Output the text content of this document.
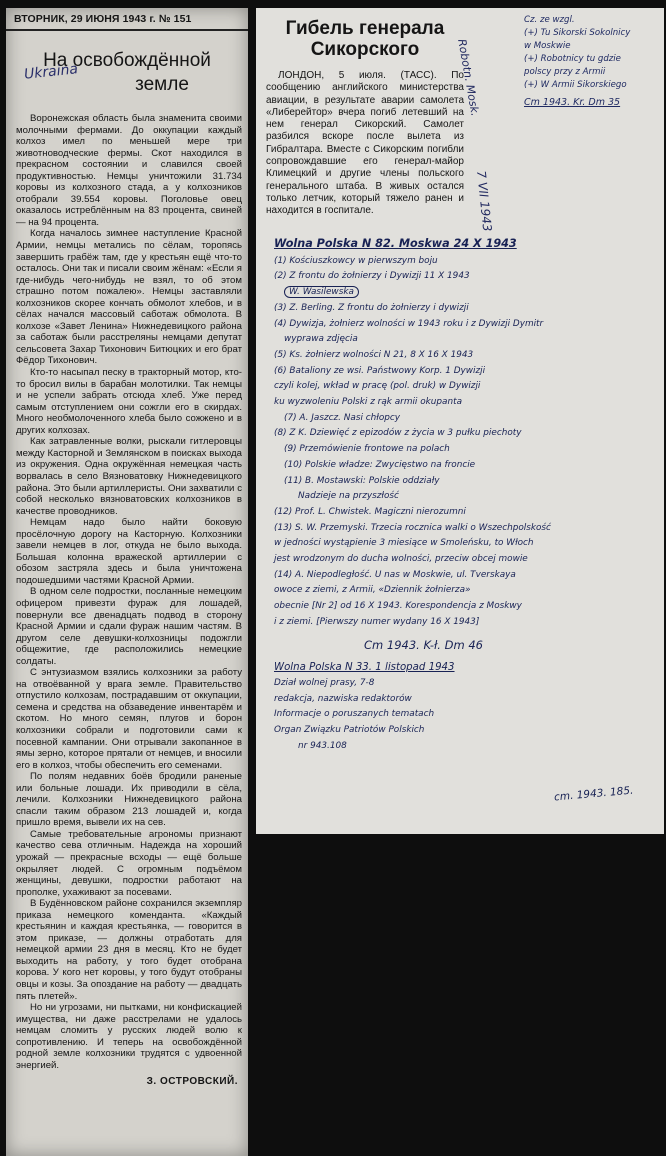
ВТОРНИК, 29 ИЮНЯ 1943 г. № 151
На освобождённой
земле
Ukraina

Воронежская область была знаменита своими молочными фермами. До оккупации каждый колхоз имел по меньшей мере три животноводческие фермы. Скот находился в прекрасном состоянии и славился своей продуктивностью. Немцы уничтожили 31.734 коровы из колхозного стада, а у колхозников отобрали 39.554 коровы. Поголовье овец оказалось истреблённым на 83 процента, свиней — на 94 процента.

Когда началось зимнее наступление Красной Армии, немцы метались по сёлам, торопясь завершить грабёж там, где у крестьян ещё что-то осталось. Они так и писали своим жёнам: «Если я где-нибудь чего-нибудь не взял, то об этом страшно потом пожалею». Немцы заставляли колхозников скорее кончать обмолот хлебов, и в сёлах начался массовый саботаж обмолота. В колхозе «Завет Ленина» Нижнедевицкого района за саботаж были расстреляны немцами депутат сельсовета Захар Тихонович Битюцких и его брат Фёдор Тихонович.

Кто-то насыпал песку в тракторный мотор, кто-то бросил вилы в барабан молотилки. Так немцы и не успели забрать отсюда хлеб. Уже перед самым отступлением они сожгли его в скирдах. Много необмолоченного хлеба было сожжено и в других колхозах.

Как затравленные волки, рыскали гитлеровцы между Касторной и Землянском в поисках выхода из окружения. Одна окружённая немецкая часть ворвалась в село Вязноватовку Нижнедевицкого района. Это были артиллеристы. Они захватили с собой несколько вязноватовских колхозников в качестве проводников.

Немцам надо было найти боковую просёлочную дорогу на Касторную. Колхозники завели немцев в лог, откуда не было выхода. Большая колонна вражеской артиллерии с обозом застряла здесь и была уничтожена подошедшими частями Красной Армии.

В одном селе подростки, посланные немецким офицером привезти фураж для лошадей, повернули все двенадцать подвод в сторону Красной Армии и сдали фураж нашим частям. В другом селе девушки-колхозницы подожгли общежитие, где расположились немецкие солдаты.

С энтузиазмом взялись колхозники за работу на отвоёванной у врага земле. Правительство отпустило колхозам, пострадавшим от оккупации, семена и средства на обзаведение инвентарём и скотом. Но много семян, плугов и борон колхозники собрали и подготовили сами к посевной кампании. Они отрывали закопанное в ямы зерно, которое прятали от немцев, и вносили его в колхоз, чтобы обеспечить его семенами.

По полям недавних боёв бродили раненые или больные лошади. Их приводили в сёла, лечили. Колхозники Нижнедевицкого района спасли таким образом 213 лошадей и, когда пришло время, вывели их на сев.

Самые требовательные агрономы признают качество сева отличным. Надежда на хороший урожай — прекрасные всходы — ещё больше окрыляет людей. С огромным подъёмом женщины, девушки, подростки работают на прополке, ухаживают за посевами.

В Будённовском районе сохранился экземпляр приказа немецкого коменданта. «Каждый крестьянин и каждая крестьянка, — говорится в этом приказе, — должны отработать для немецкой армии 23 дня в месяц. Кто не будет выходить на работу, у того будет отобрана корова. У кого нет коровы, у того будут отобраны овцы и козы. За опоздание на работу — двадцать пять плетей».

Но ни угрозами, ни пытками, ни конфискацией имущества, ни даже расстрелами не удалось немцам сломить у русских людей волю к сопротивлению. И теперь на освобождённой родной земле колхозники трудятся с удвоенной энергией.

З. ОСТРОВСКИЙ.
Гибель генерала
Сикорского

ЛОНДОН, 5 июля. (ТАСС). По сообщению английского министерства авиации, в результате аварии самолета «Либерейтор» вчера погиб летевший на нем генерал Сикорский. Самолет разбился вскоре после вылета из Гибралтара. Вместе с Сикорским погибли сопровождавшие его генерал-майор Климецкий и другие члены польского генерального штаба. В живых остался только летчик, который тяжело ранен и находится в госпитале.

Robotn. Mosk.
7 VII 1943
Cz. ze wzgl.
(+) Tu Sikorski Sokolnicy
w Moskwie
(+) Robotnicy tu gdzie
polscy przy z Armii
(+) W Armii Sikorskiego
Cm 1943. Kr. Dm 35
Wolna Polska N 82. Moskwa 24 X 1943
(1) Kościuszkowcy w pierwszym boju
(2) Z frontu do żołnierzy i Dywizji 11 X 1943
W. Wasilewska
(3) Z. Berling. Z frontu do żołnierzy i dywizji
(4) Dywizja, żołnierz wolności w 1943 roku i z Dywizji Dymitr
wyprawa zdjęcia
(5) Ks. żołnierz wolności N 21, 8 X 16 X 1943
(6) Bataliony ze wsi. Państwowy Korp. 1 Dywizji
czyli kolej, wkład w pracę (pol. druk) w Dywizji
ku wyzwoleniu Polski z rąk armii okupanta
(7) A. Jaszcz. Nasi chłopcy
(8) Z K. Dziewięć z epizodów z życia w 3 pułku piechoty
(9) Przemówienie frontowe na polach
(10) Polskie władze: Zwycięstwo na froncie
(11) B. Mostawski: Polskie oddziały
Nadzieje na przyszłość
(12) Prof. L. Chwistek. Magiczni nierozumni
(13) S. W. Przemyski. Trzecia rocznica walki o Wszechpolskość
w jedności wystąpienie 3 miesiące w Smoleńsku, to Włoch
jest wrodzonym do ducha wolności, przeciw obcej mowie
(14) A. Niepodległość. U nas w Moskwie, ul. Tverskaya
owoce z ziemi, z Armii, «Dziennik żołnierza»
obecnie [Nr 2] od 16 X 1943. Korespondencja z Moskwy
i z ziemi. [Pierwszy numer wydany 16 X 1943]
Cm 1943. K-ł. Dm 46
Wolna Polska N 33. 1 listopad 1943
Dział wolnej prasy, 7-8
redakcja, nazwiska redaktorów
Informacje o poruszanych tematach
Organ Związku Patriotów Polskich
nr 943.108
cm. 1943. 185.
